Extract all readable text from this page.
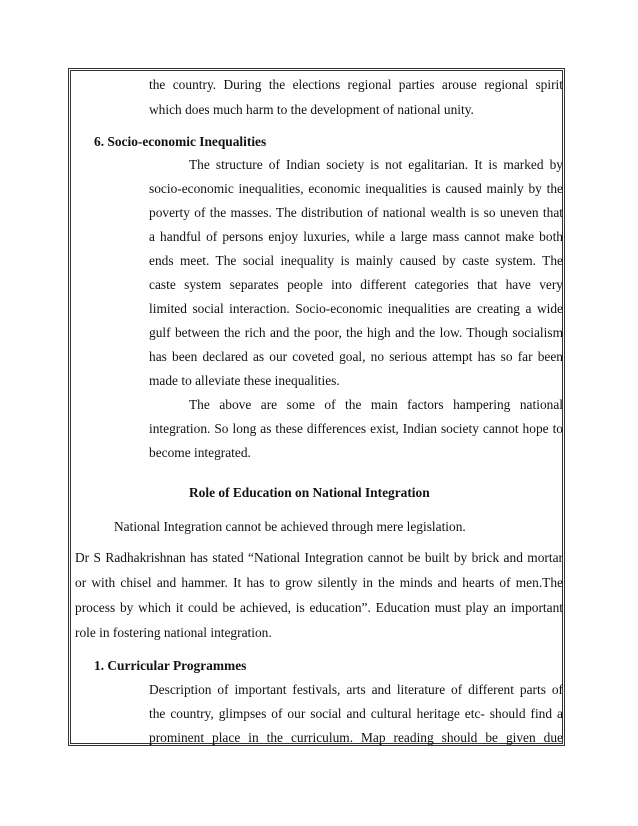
the country. During the elections regional parties arouse regional spirit
which does much harm to the development of national unity.
6. Socio-economic Inequalities
The structure of Indian society is not egalitarian. It is marked by
socio-economic inequalities, economic inequalities is caused mainly by the
poverty of the masses. The distribution of national wealth is so uneven that
a handful of persons enjoy luxuries, while a large mass cannot make both
ends meet. The social inequality is mainly caused by caste system. The
caste system separates people into different categories that have very
limited social interaction. Socio-economic inequalities are creating a wide
gulf between the rich and the poor, the high and the low. Though socialism
has been declared as our coveted goal, no serious attempt has so far been
made to alleviate these inequalities.
The above are some of the main factors hampering national
integration. So long as these differences exist, Indian society cannot hope to
become integrated.
Role of Education on National Integration
National Integration cannot be achieved through mere legislation.
Dr S Radhakrishnan has stated “National Integration cannot be built by brick and mortar
or with chisel and hammer. It has to grow silently in the minds and hearts of men.The
process by which it could be achieved, is education”. Education must play an important
role in fostering national integration.
1. Curricular Programmes
Description of important festivals, arts and literature of different parts of
the country, glimpses of our social and cultural heritage etc- should find a
prominent place in the curriculum. Map reading should be given due
